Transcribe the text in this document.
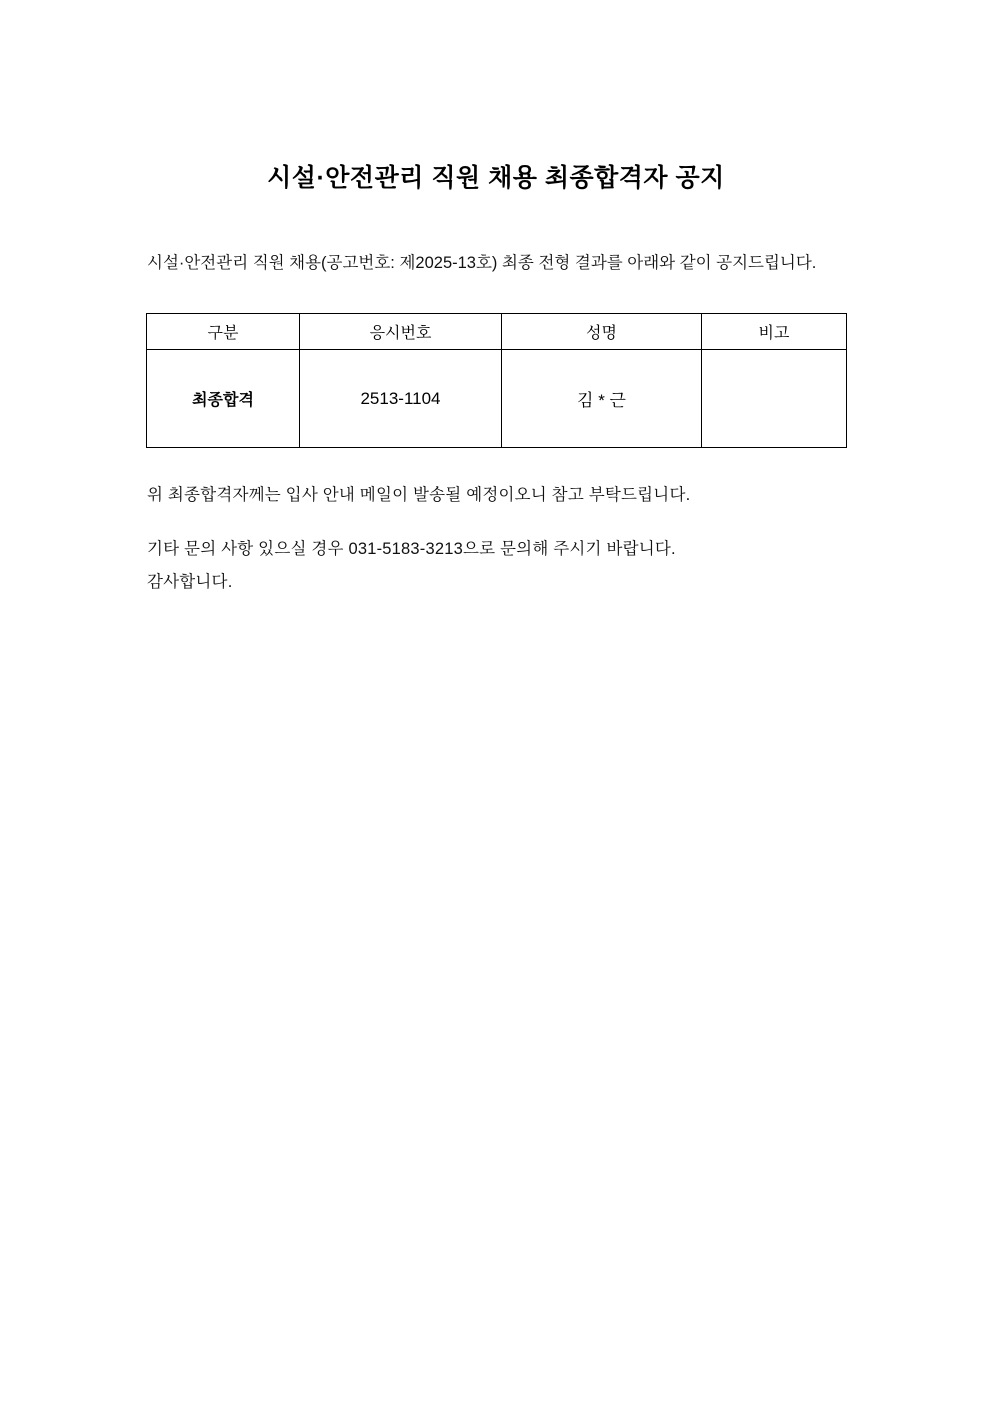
시설·안전관리 직원 채용 최종합격자 공지
시설·안전관리 직원 채용(공고번호: 제2025-13호) 최종 전형 결과를 아래와 같이 공지드립니다.
구분	응시번호	성명	비고
최종합격	2513-1104	김 * 근	
위 최종합격자께는 입사 안내 메일이 발송될 예정이오니 참고 부탁드립니다.
기타 문의 사항 있으실 경우 031-5183-3213으로 문의해 주시기 바랍니다.
감사합니다.
